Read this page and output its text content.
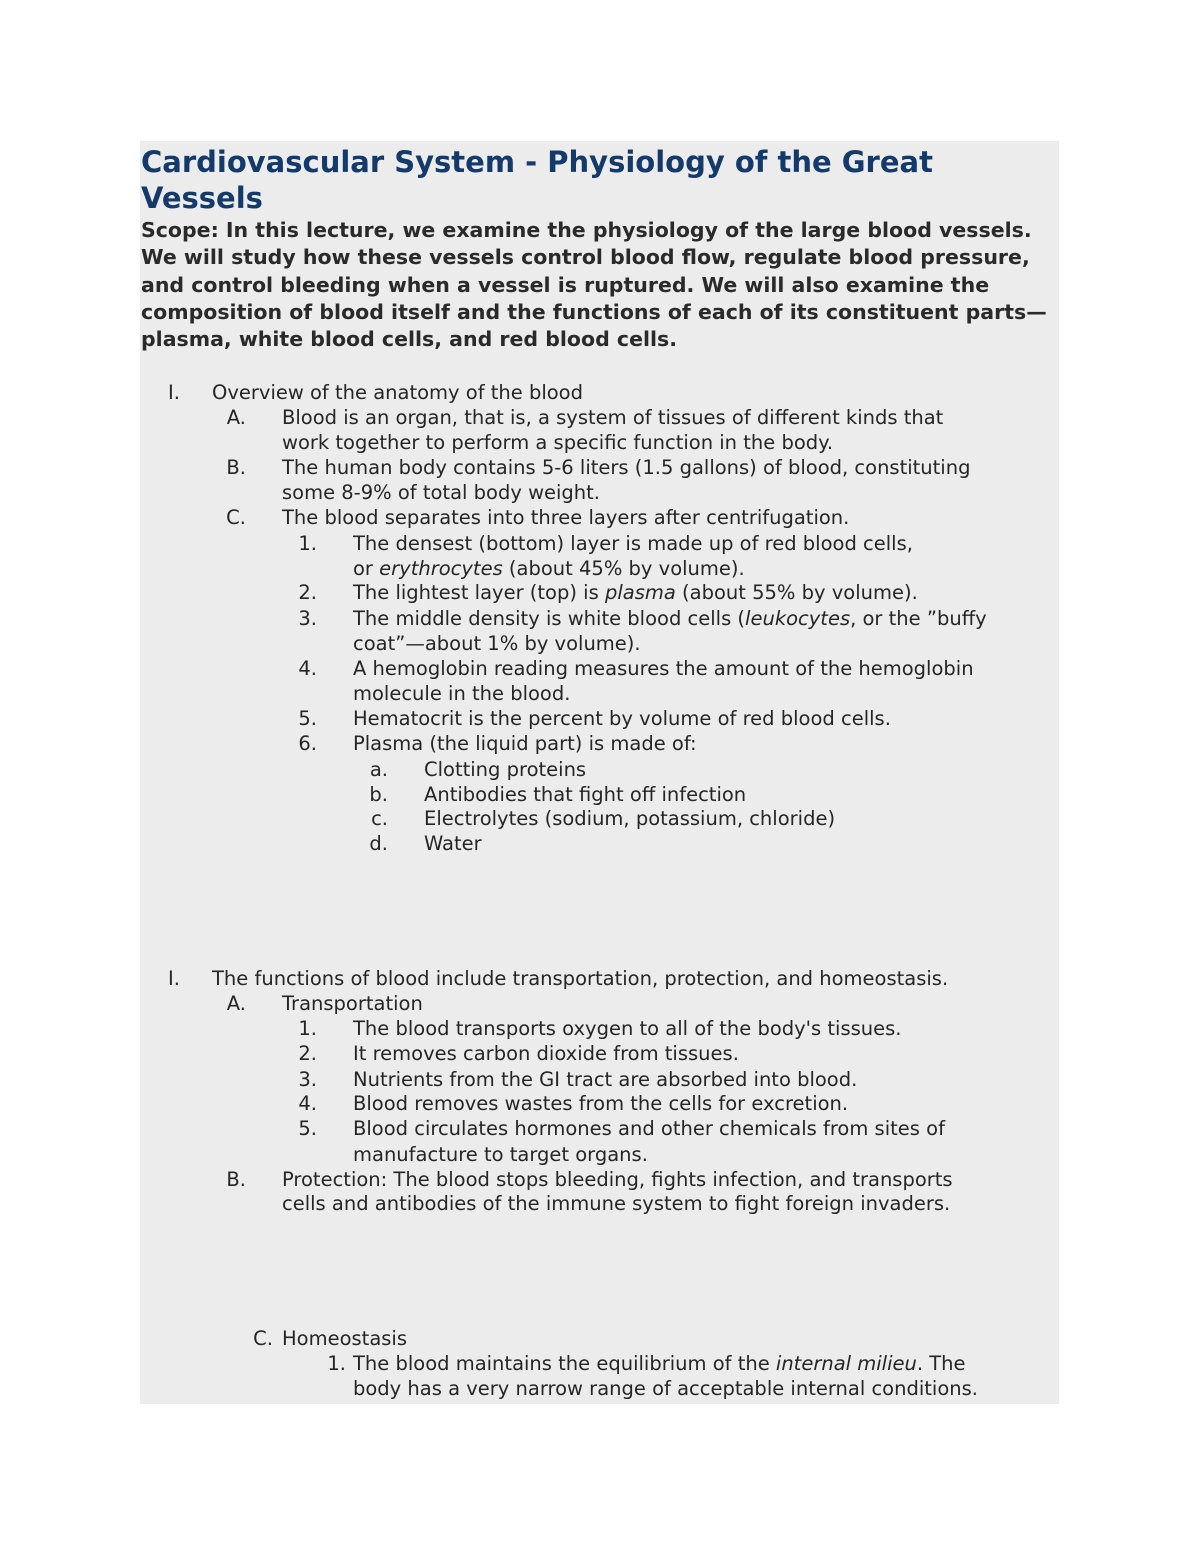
Cardiovascular System - Physiology of the Great Vessels

Scope: In this lecture, we examine the physiology of the large blood vessels. We will study how these vessels control blood flow, regulate blood pressure, and control bleeding when a vessel is ruptured. We will also examine the composition of blood itself and the functions of each of its constituent parts—plasma, white blood cells, and red blood cells.

I. Overview of the anatomy of the blood
A. Blood is an organ, that is, a system of tissues of different kinds that
work together to perform a specific function in the body.
B. The human body contains 5-6 liters (1.5 gallons) of blood, constituting
some 8-9% of total body weight.
C. The blood separates into three layers after centrifugation.
1. The densest (bottom) layer is made up of red blood cells,
or erythrocytes (about 45% by volume).
2. The lightest layer (top) is plasma (about 55% by volume).
3. The middle density is white blood cells (leukocytes, or the ”buffy
coat”—about 1% by volume).
4. A hemoglobin reading measures the amount of the hemoglobin
molecule in the blood.
5. Hematocrit is the percent by volume of red blood cells.
6. Plasma (the liquid part) is made of:
a. Clotting proteins
b. Antibodies that fight off infection
c. Electrolytes (sodium, potassium, chloride)
d. Water
I. The functions of blood include transportation, protection, and homeostasis.
A. Transportation
1. The blood transports oxygen to all of the body's tissues.
2. It removes carbon dioxide from tissues.
3. Nutrients from the GI tract are absorbed into blood.
4. Blood removes wastes from the cells for excretion.
5. Blood circulates hormones and other chemicals from sites of
manufacture to target organs.
B. Protection: The blood stops bleeding, fights infection, and transports
cells and antibodies of the immune system to fight foreign invaders.
C. Homeostasis
1. The blood maintains the equilibrium of the internal milieu. The
body has a very narrow range of acceptable internal conditions.
